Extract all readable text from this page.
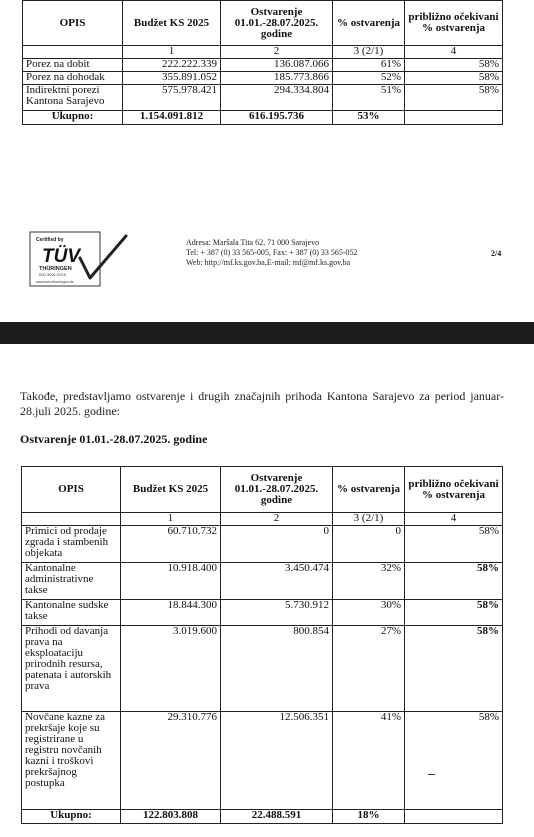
OPIS	Budžet KS 2025	Ostvarenje 01.01.-28.07.2025. godine	% ostvarenja	približno očekivani % ostvarenja
	1	2	3 (2/1)	4
Porez na dobit	222.222.339	136.087.066	61%	58%
Porez na dohodak	355.891.052	185.773.866	52%	58%
Indirektni porezi Kantona Sarajevo	575.978.421	294.334.804	51%	58%
Ukupno:	1.154.091.812	616.195.736	53%	
Certified by
TÜV
THÜRINGEN
ISO 9001:2015
www.tuev-thueringen.de
Adresa: Maršala Tita 62, 71 000 Sarajevo
Tel: + 387 (0) 33 565-005, Fax: + 387 (0) 33 565-052
Web: http://mf.ks.gov.ba,E-mail: mf@mf.ks.gov.ba
2/4
Takođe, predstavljamo ostvarenje i drugih značajnih prihoda Kantona Sarajevo za period januar-28.juli 2025. godine:
Ostvarenje 01.01.-28.07.2025. godine
OPIS	Budžet KS 2025	Ostvarenje 01.01.-28.07.2025. godine	% ostvarenja	približno očekivani % ostvarenja
	1	2	3 (2/1)	4
Primici od prodaje zgrada i stambenih objekata	60.710.732	0	0	58%
Kantonalne administrativne takse	10.918.400	3.450.474	32%	58%
Kantonalne sudske takse	18.844.300	5.730.912	30%	58%
Prihodi od davanja prava na eksploataciju prirodnih resursa, patenata i autorskih prava	3.019.600	800.854	27%	58%
Novčane kazne za prekršaje koje su registrirane u registru novčanih kazni i troškovi prekršajnog postupka	29.310.776	12.506.351	41%	58%
Ukupno:	122.803.808	22.488.591	18%	
